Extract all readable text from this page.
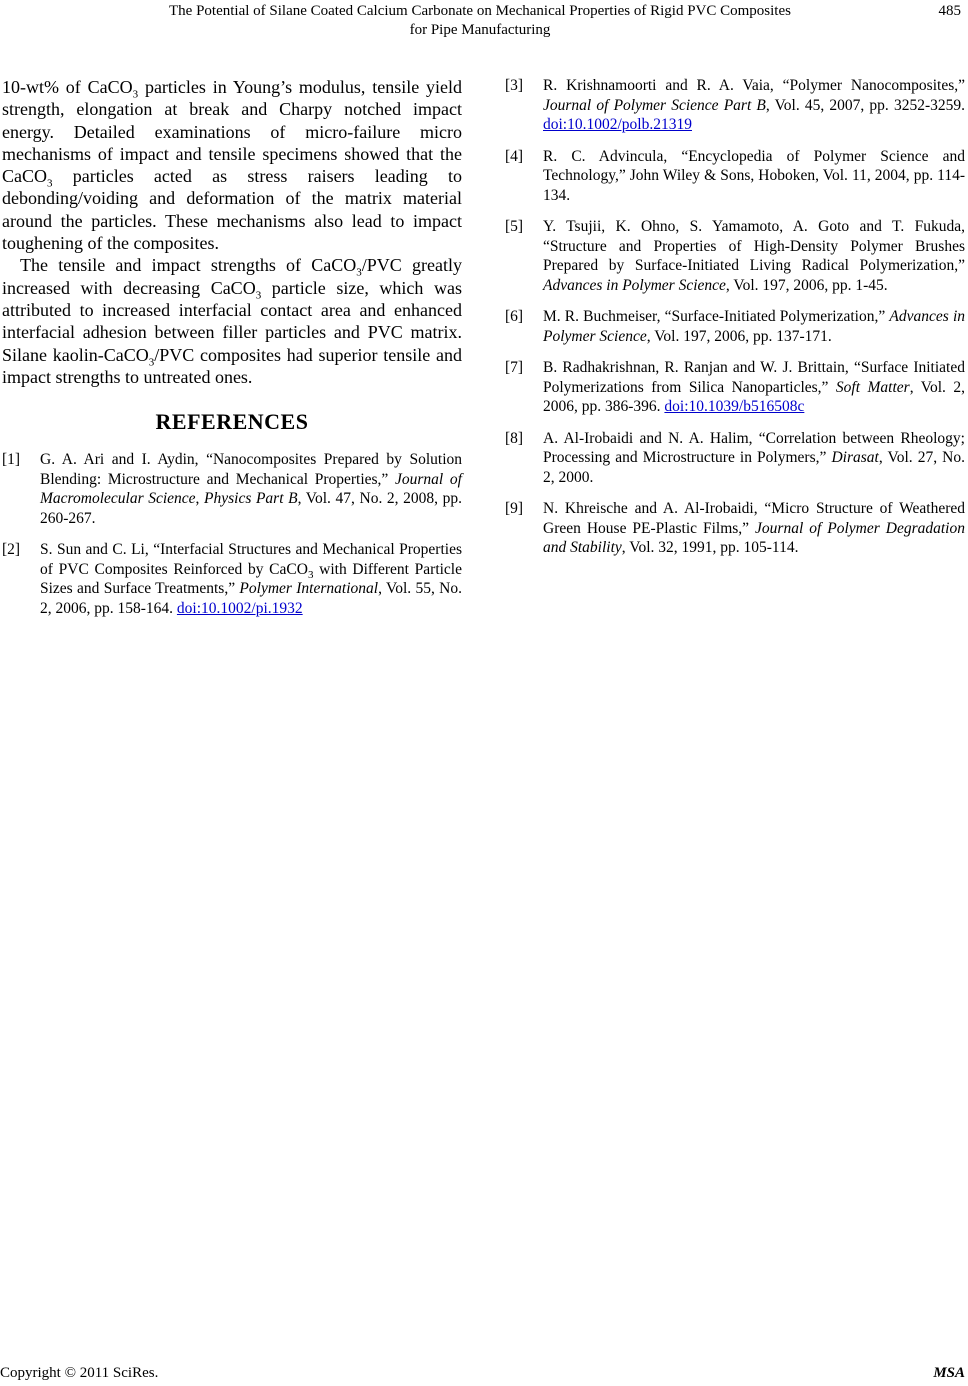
The Potential of Silane Coated Calcium Carbonate on Mechanical Properties of Rigid PVC Composites
for Pipe Manufacturing
485

10-wt% of CaCO$_3$ particles in Young’s modulus, tensile yield strength, elongation at break and Charpy notched impact energy. Detailed examinations of micro-failure micro mechanisms of impact and tensile specimens showed that the CaCO$_3$ particles acted as stress raisers leading to debonding/voiding and deformation of the matrix material around the particles. These mechanisms also lead to impact toughening of the composites.

The tensile and impact strengths of CaCO$_3$/PVC greatly increased with decreasing CaCO$_3$ particle size, which was attributed to increased interfacial contact area and enhanced interfacial adhesion between filler particles and PVC matrix. Silane kaolin-CaCO$_3$/PVC composites had superior tensile and impact strengths to untreated ones.

REFERENCES
[1] G. A. Ari and I. Aydin, “Nanocomposites Prepared by Solution Blending: Microstructure and Mechanical Properties,” Journal of Macromolecular Science, Physics Part B, Vol. 47, No. 2, 2008, pp. 260-267.
[2] S. Sun and C. Li, “Interfacial Structures and Mechanical Properties of PVC Composites Reinforced by CaCO$_3$ with Different Particle Sizes and Surface Treatments,” Polymer International, Vol. 55, No. 2, 2006, pp. 158-164. doi:10.1002/pi.1932
[3] R. Krishnamoorti and R. A. Vaia, “Polymer Nanocomposites,” Journal of Polymer Science Part B, Vol. 45, 2007, pp. 3252-3259. doi:10.1002/polb.21319
[4] R. C. Advincula, “Encyclopedia of Polymer Science and Technology,” John Wiley & Sons, Hoboken, Vol. 11, 2004, pp. 114-134.
[5] Y. Tsujii, K. Ohno, S. Yamamoto, A. Goto and T. Fukuda, “Structure and Properties of High-Density Polymer Brushes Prepared by Surface-Initiated Living Radical Polymerization,” Advances in Polymer Science, Vol. 197, 2006, pp. 1-45.
[6] M. R. Buchmeiser, “Surface-Initiated Polymerization,” Advances in Polymer Science, Vol. 197, 2006, pp. 137-171.
[7] B. Radhakrishnan, R. Ranjan and W. J. Brittain, “Surface Initiated Polymerizations from Silica Nanoparticles,” Soft Matter, Vol. 2, 2006, pp. 386-396. doi:10.1039/b516508c
[8] A. Al-Irobaidi and N. A. Halim, “Correlation between Rheology; Processing and Microstructure in Polymers,” Dirasat, Vol. 27, No. 2, 2000.
[9] N. Khreische and A. Al-Irobaidi, “Micro Structure of Weathered Green House PE-Plastic Films,” Journal of Polymer Degradation and Stability, Vol. 32, 1991, pp. 105-114.
Copyright © 2011 SciRes.	MSA
